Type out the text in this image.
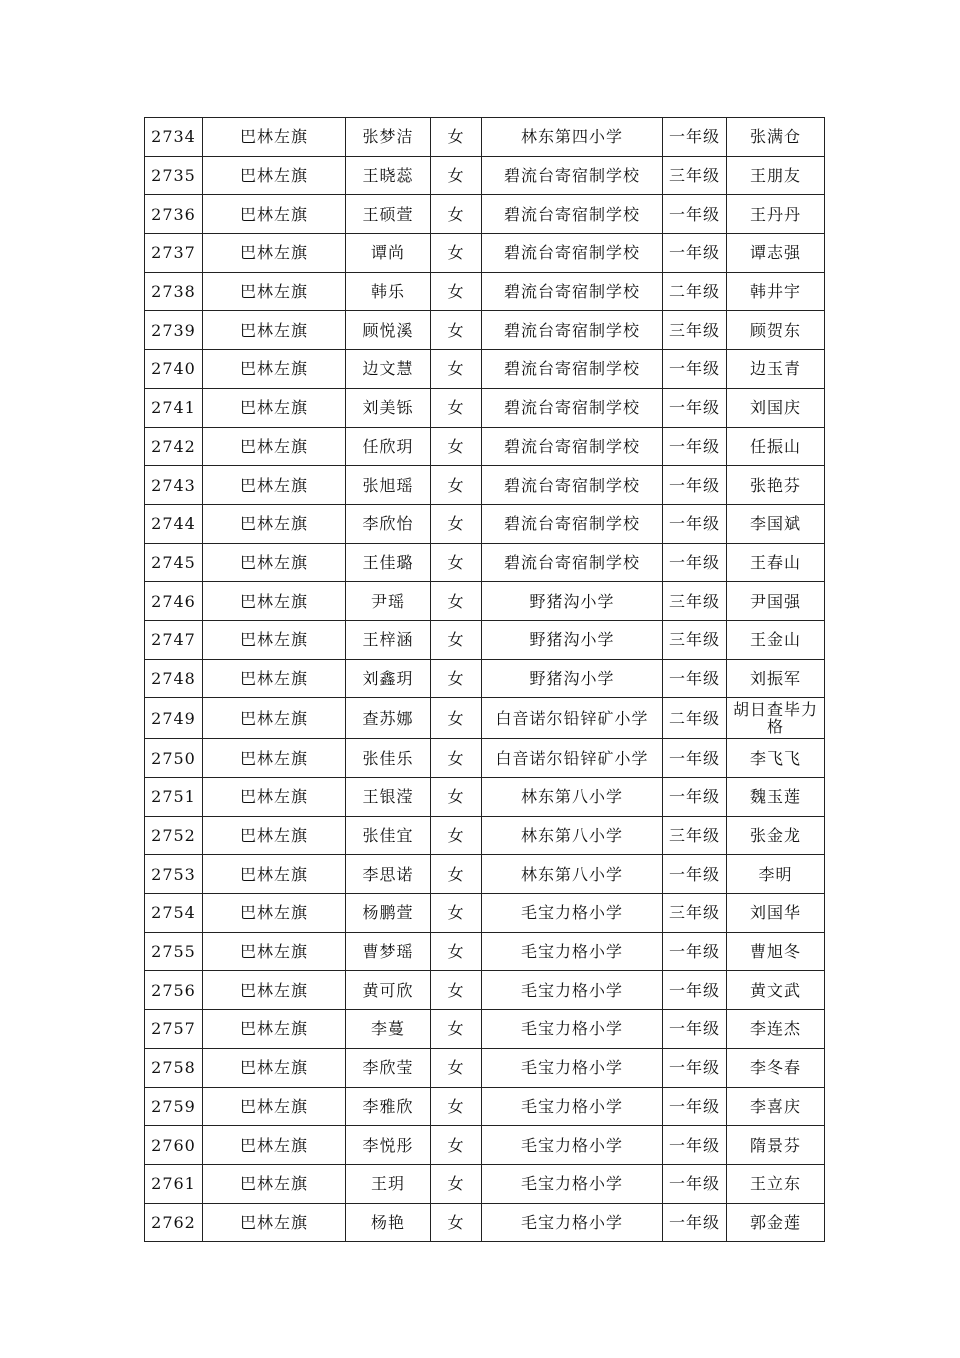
2734	巴林左旗	张梦洁	女	林东第四小学	一年级	张满仓
2735	巴林左旗	王晓蕊	女	碧流台寄宿制学校	三年级	王朋友
2736	巴林左旗	王硕萱	女	碧流台寄宿制学校	一年级	王丹丹
2737	巴林左旗	谭尚	女	碧流台寄宿制学校	一年级	谭志强
2738	巴林左旗	韩乐	女	碧流台寄宿制学校	二年级	韩井宇
2739	巴林左旗	顾悦溪	女	碧流台寄宿制学校	三年级	顾贺东
2740	巴林左旗	边文慧	女	碧流台寄宿制学校	一年级	边玉青
2741	巴林左旗	刘美铄	女	碧流台寄宿制学校	一年级	刘国庆
2742	巴林左旗	任欣玥	女	碧流台寄宿制学校	一年级	任振山
2743	巴林左旗	张旭瑶	女	碧流台寄宿制学校	一年级	张艳芬
2744	巴林左旗	李欣怡	女	碧流台寄宿制学校	一年级	李国斌
2745	巴林左旗	王佳璐	女	碧流台寄宿制学校	一年级	王春山
2746	巴林左旗	尹瑶	女	野猪沟小学	三年级	尹国强
2747	巴林左旗	王梓涵	女	野猪沟小学	三年级	王金山
2748	巴林左旗	刘鑫玥	女	野猪沟小学	一年级	刘振军
2749	巴林左旗	查苏娜	女	白音诺尔铅锌矿小学	二年级	胡日查毕力格
2750	巴林左旗	张佳乐	女	白音诺尔铅锌矿小学	一年级	李飞飞
2751	巴林左旗	王银滢	女	林东第八小学	一年级	魏玉莲
2752	巴林左旗	张佳宜	女	林东第八小学	三年级	张金龙
2753	巴林左旗	李思诺	女	林东第八小学	一年级	李明
2754	巴林左旗	杨鹏萱	女	毛宝力格小学	三年级	刘国华
2755	巴林左旗	曹梦瑶	女	毛宝力格小学	一年级	曹旭冬
2756	巴林左旗	黄可欣	女	毛宝力格小学	一年级	黄文武
2757	巴林左旗	李蔓	女	毛宝力格小学	一年级	李连杰
2758	巴林左旗	李欣莹	女	毛宝力格小学	一年级	李冬春
2759	巴林左旗	李雅欣	女	毛宝力格小学	一年级	李喜庆
2760	巴林左旗	李悦彤	女	毛宝力格小学	一年级	隋景芬
2761	巴林左旗	王玥	女	毛宝力格小学	一年级	王立东
2762	巴林左旗	杨艳	女	毛宝力格小学	一年级	郭金莲
